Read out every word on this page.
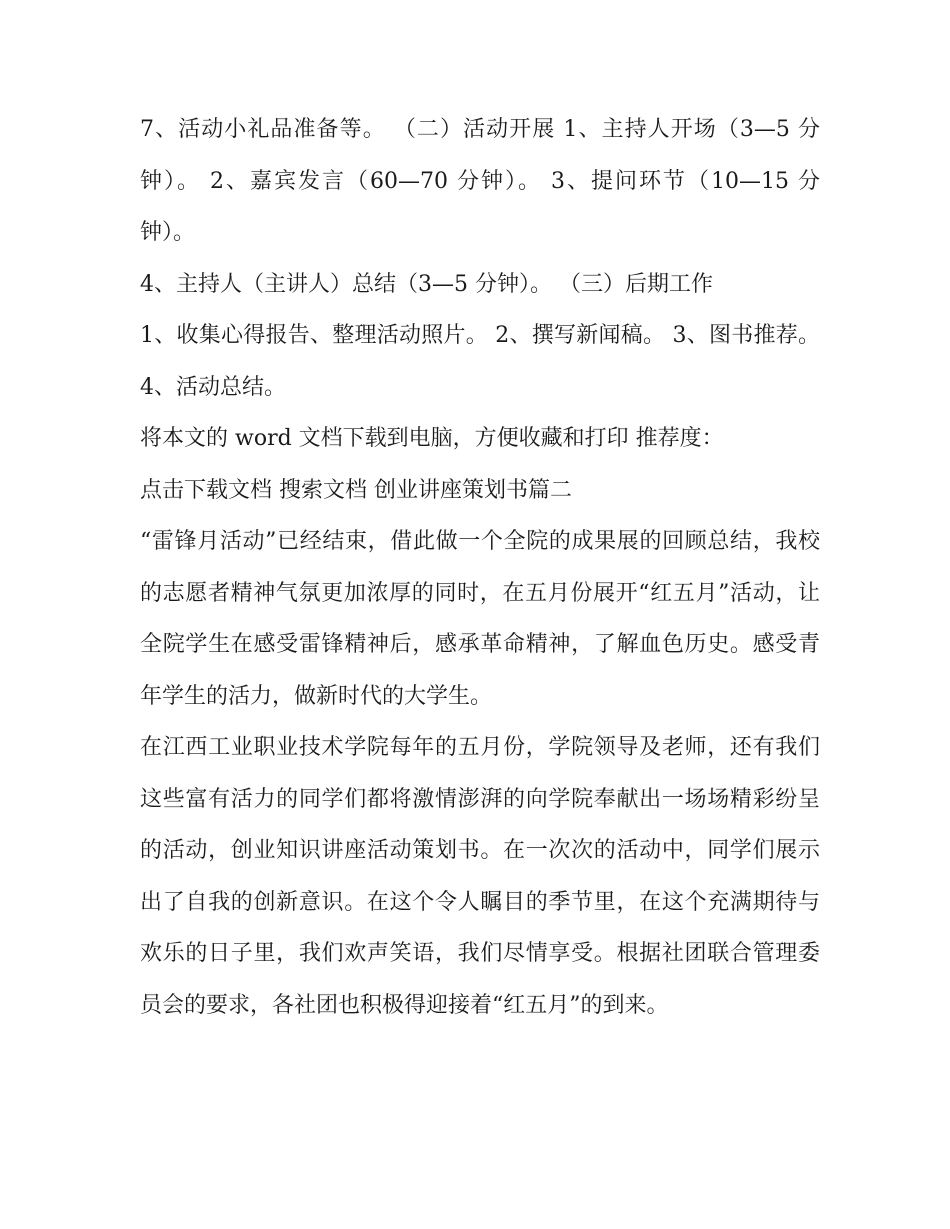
7、活动小礼品准备等。 （二）活动开展 1、主持人开场（3—5 分钟）。 2、嘉宾发言（60—70 分钟）。 3、提问环节（10—15 分钟）。

4、主持人（主讲人）总结（3—5 分钟）。 （三）后期工作

1、收集心得报告、整理活动照片。 2、撰写新闻稿。 3、图书推荐。 4、活动总结。

将本文的 word 文档下载到电脑，方便收藏和打印 推荐度：

点击下载文档 搜索文档 创业讲座策划书篇二

“雷锋月活动”已经结束，借此做一个全院的成果展的回顾总结，我校的志愿者精神气氛更加浓厚的同时，在五月份展开“红五月”活动，让全院学生在感受雷锋精神后，感承革命精神，了解血色历史。感受青年学生的活力，做新时代的大学生。

在江西工业职业技术学院每年的五月份，学院领导及老师，还有我们这些富有活力的同学们都将激情澎湃的向学院奉献出一场场精彩纷呈的活动，创业知识讲座活动策划书。在一次次的活动中，同学们展示出了自我的创新意识。在这个令人瞩目的季节里，在这个充满期待与欢乐的日子里，我们欢声笑语，我们尽情享受。根据社团联合管理委员会的要求，各社团也积极得迎接着“红五月”的到来。
